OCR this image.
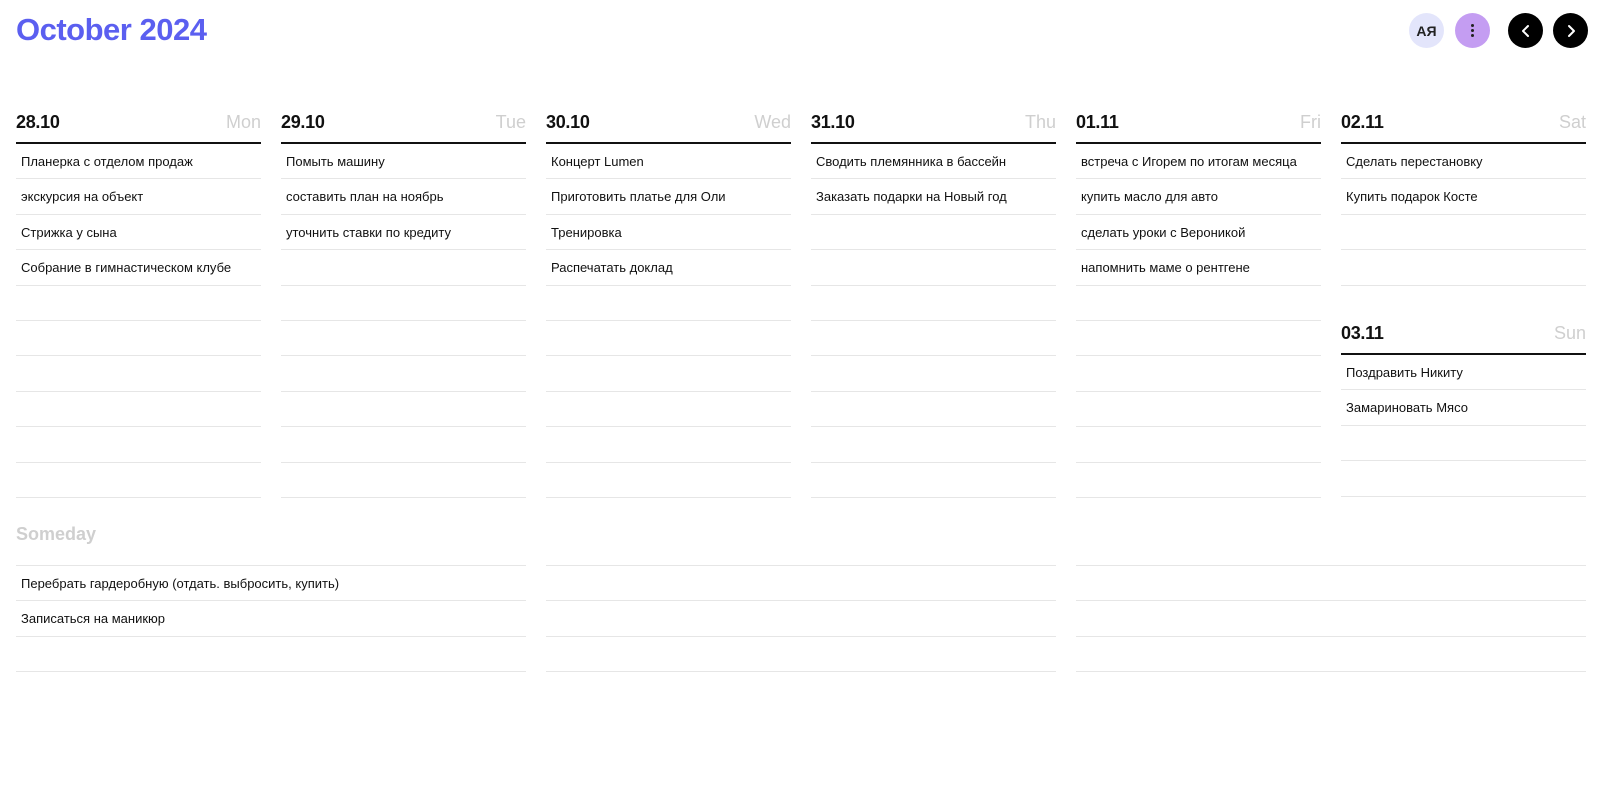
October 2024	АЯ
28.10	Mon
Планерка с отделом продаж
экскурсия на объект
Стрижка у сына
Собрание в гимнастическом клубе
29.10	Tue
Помыть машину
составить план на ноябрь
уточнить ставки по кредиту
30.10	Wed
Концерт Lumen
Приготовить платье для Оли
Тренировка
Распечатать доклад
31.10	Thu
Сводить племянника в бассейн
Заказать подарки на Новый год
01.11	Fri
встреча с Игорем по итогам месяца
купить масло для авто
сделать уроки с Вероникой
напомнить маме о рентгене
02.11	Sat
Сделать перестановку
Купить подарок Косте
03.11	Sun
Поздравить Никиту
Замариновать Мясо
Someday
Перебрать гардеробную (отдать. выбросить, купить)
Записаться на маникюр
